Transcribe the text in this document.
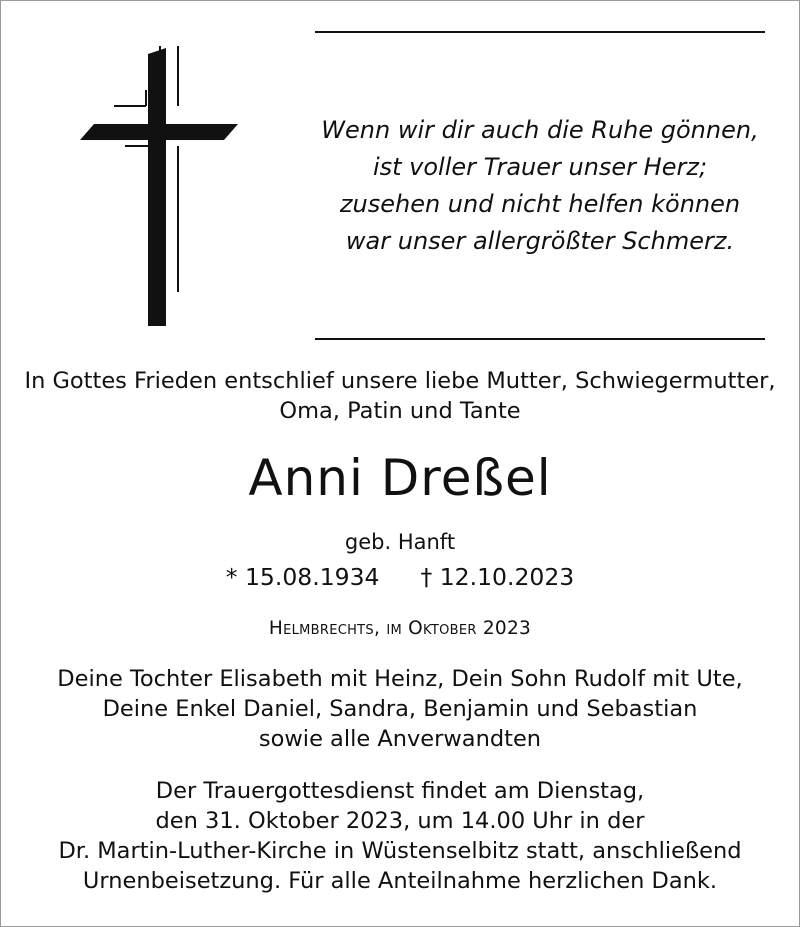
Wenn wir dir auch die Ruhe gönnen,
ist voller Trauer unser Herz;
zusehen und nicht helfen können
war unser allergrößter Schmerz.
In Gottes Frieden entschlief unsere liebe Mutter, Schwiegermutter,
Oma, Patin und Tante
Anni Dreßel
geb. Hanft
* 15.08.1934 † 12.10.2023
Helmbrechts, im Oktober 2023
Deine Tochter Elisabeth mit Heinz, Dein Sohn Rudolf mit Ute,
Deine Enkel Daniel, Sandra, Benjamin und Sebastian
sowie alle Anverwandten
Der Trauergottesdienst findet am Dienstag,
den 31. Oktober 2023, um 14.00 Uhr in der
Dr. Martin-Luther-Kirche in Wüstenselbitz statt, anschließend
Urnenbeisetzung. Für alle Anteilnahme herzlichen Dank.
